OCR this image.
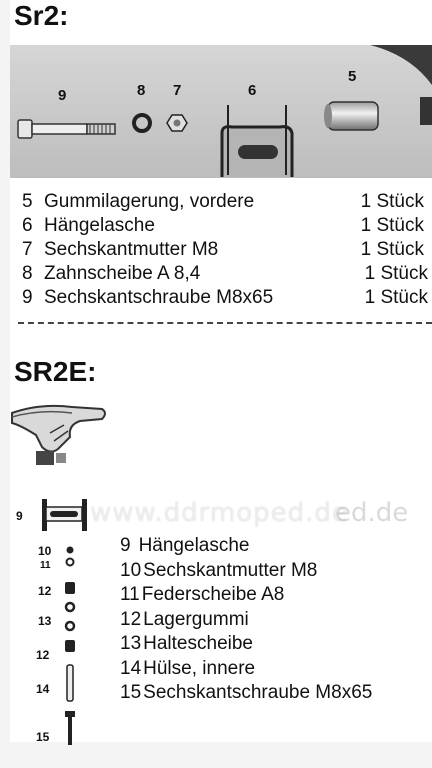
Sr2:
9	8 7	6
5
5 Gummilagerung, vordere	1 Stück
6 Hängelasche	1 Stück
7 Sechskantmutter M8	1 Stück
8 Zahnscheibe A 8,4	1 Stück
9 Sechskantschraube M8x65	1 Stück
SR2E:
9
10
11
12
13
12
14
15
9 Hängelasche
10 Sechskantmutter M8
11 Federscheibe A8
12 Lagergummi
13 Haltescheibe
14 Hülse, innere
15 Sechskantschraube M8x65
www.ddrmoped.de
ed.de
